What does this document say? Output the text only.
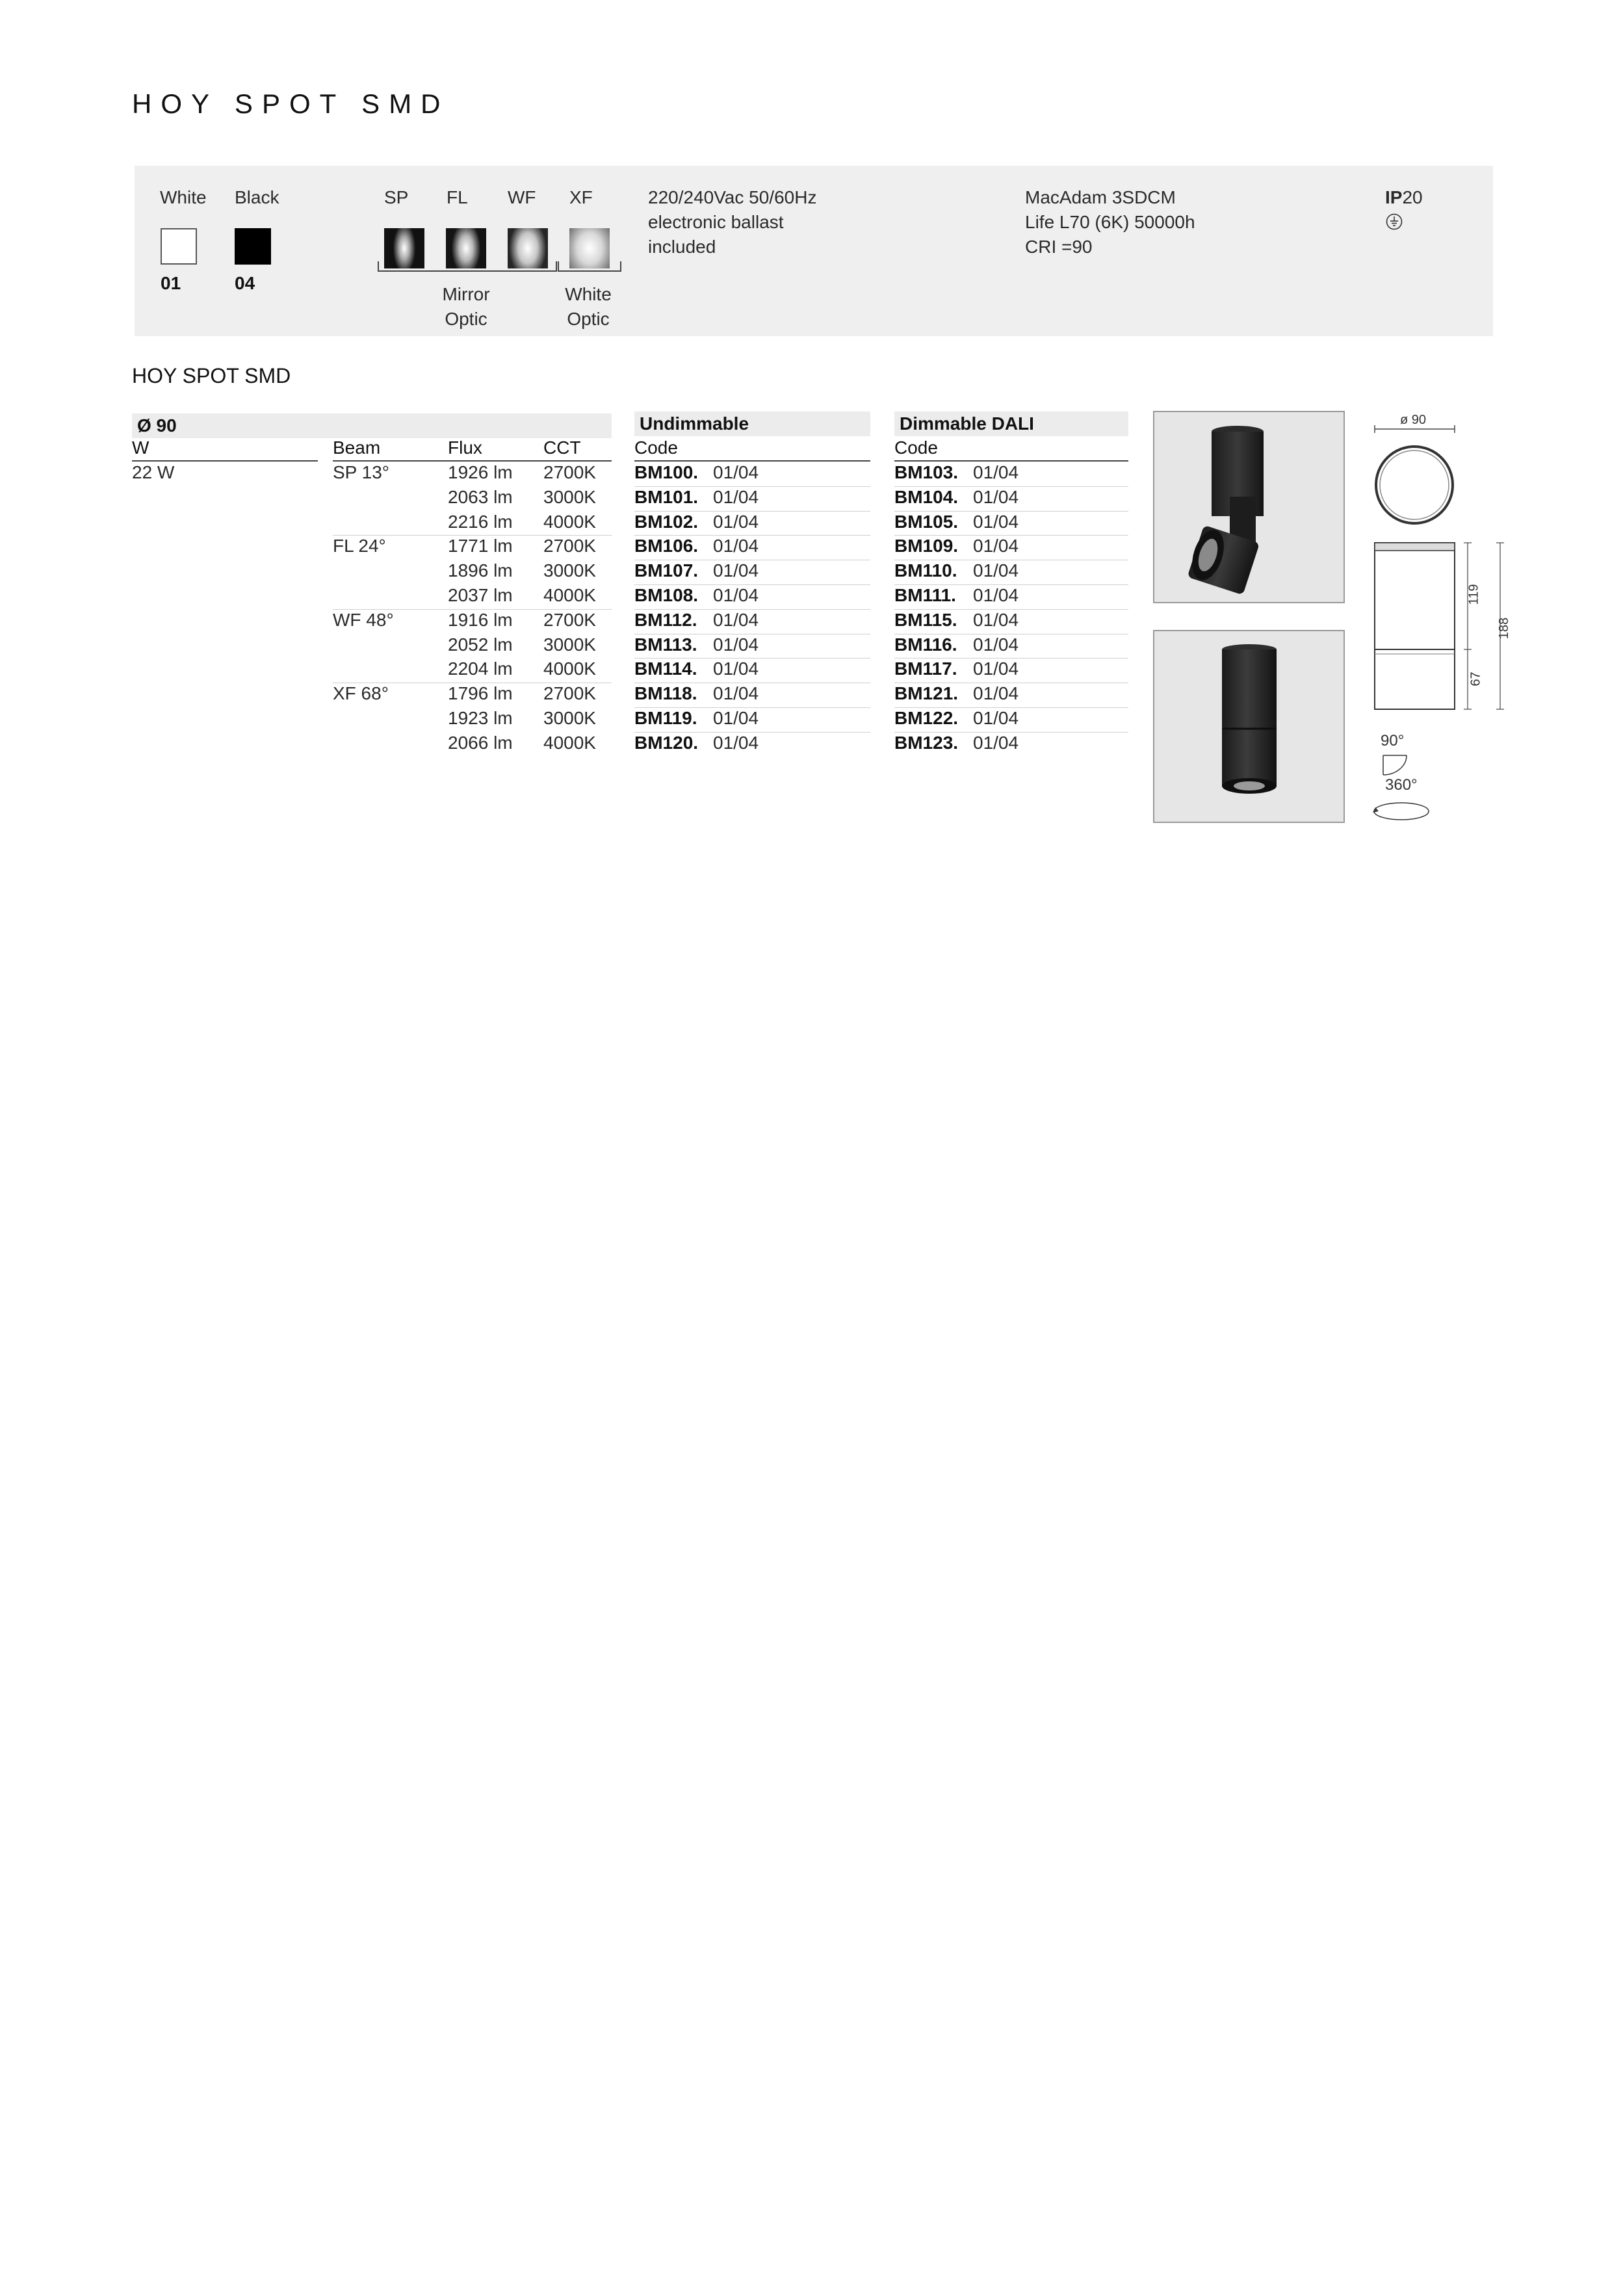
HOY SPOT SMD
White Black
01	04
SP FL WF XF
Mirror
Optic
White
Optic
220/240Vac 50/60Hz
electronic ballast
included
MacAdam 3SDCM
Life L70 (6K) 50000h
CRI =90
IP20
HOY SPOT SMD
Ø 90
W	Beam	Flux	CCT
22 W	SP 13°	1926 lm 2700K
2063 lm 3000K
2216 lm 4000K
FL 24°	1771 lm 2700K
1896 lm 3000K
2037 lm 4000K
WF 48°	1916 lm 2700K
2052 lm 3000K
2204 lm 4000K
XF 68°	1796 lm 2700K
1923 lm 3000K
2066 lm 4000K
Undimmable
Code
BM100. 01/04
BM101. 01/04
BM102. 01/04
BM106. 01/04
BM107. 01/04
BM108. 01/04
BM112. 01/04
BM113. 01/04
BM114. 01/04
BM118. 01/04
BM119. 01/04
BM120. 01/04
Dimmable DALI
Code
BM103. 01/04
BM104. 01/04
BM105. 01/04
BM109. 01/04
BM110. 01/04
BM111. 01/04
BM115. 01/04
BM116. 01/04
BM117. 01/04
BM121. 01/04
BM122. 01/04
BM123. 01/04
ø 90
119
67
188
90°
360°
